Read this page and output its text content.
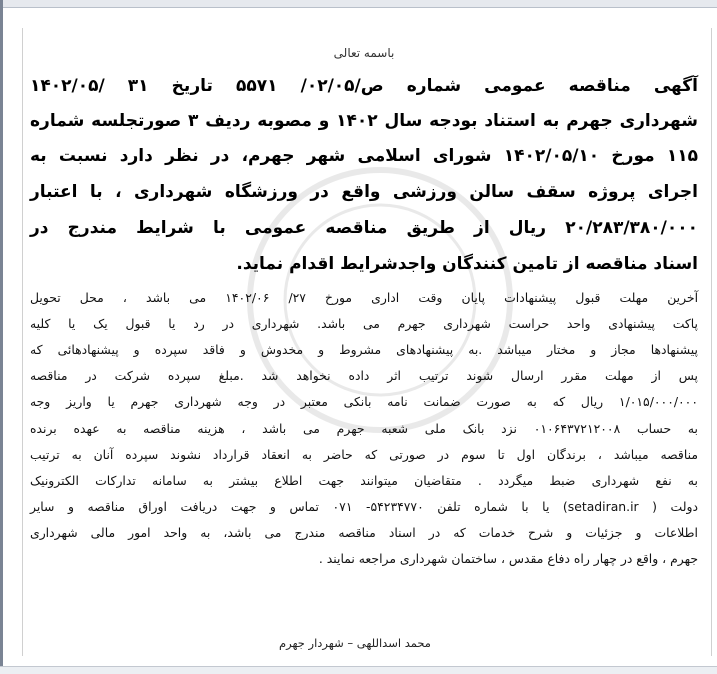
باسمه تعالی
آگهی مناقصه عمومی شماره ص/۰۲/۰۵/ ۵۵۷۱ تاریخ ۳۱ /۱۴۰۲/۰۵
شهرداری جهرم به استناد بودجه سال ۱۴۰۲ و مصوبه ردیف ۳ صورتجلسه شماره
۱۱۵ مورخ ۱۴۰۲/۰۵/۱۰ شورای اسلامی شهر جهرم، در نظر دارد نسبت به
اجرای پروژه سقف سالن ورزشی واقع در ورزشگاه شهرداری ، با اعتبار
۲۰/۲۸۳/۳۸۰/۰۰۰ ریال از طریق مناقصه عمومی با شرایط مندرج در
اسناد مناقصه از تامین کنندگان واجدشرایط اقدام نماید.
آخرین مهلت قبول پیشنهادات پایان وقت اداری مورخ ۲۷/ ۱۴۰۲/۰۶ می باشد ، محل تحویل
پاکت پیشنهادی واحد حراست شهرداری جهرم می باشد. شهرداری در رد یا قبول یک یا کلیه
پیشنهادها مجاز و مختار میباشد .به پیشنهادهای مشروط و مخدوش و فاقد سپرده و پیشنهادهائی که
پس از مهلت مقرر ارسال شوند ترتیب اثر داده نخواهد شد .مبلغ سپرده شرکت در مناقصه
۱/۰۱۵/۰۰۰/۰۰۰ ریال که به صورت ضمانت نامه بانکی معتبر در وجه شهرداری جهرم یا واریز وجه
به حساب ۰۱۰۶۴۳۷۲۱۲۰۰۸ نزد بانک ملی شعبه جهرم می باشد ، هزینه مناقصه به عهده برنده
مناقصه میباشد ، برندگان اول تا سوم در صورتی که حاضر به انعقاد قرارداد نشوند سپرده آنان به ترتیب
به نفع شهرداری ضبط میگردد . متقاضیان میتوانند جهت اطلاع بیشتر به سامانه تدارکات الکترونیک
دولت ( setadiran.ir) یا با شماره تلفن ۵۴۲۳۴۷۷۰- ۰۷۱ تماس و جهت دریافت اوراق مناقصه و سایر
اطلاعات و جزئیات و شرح خدمات که در اسناد مناقصه مندرج می باشد، به واحد امور مالی شهرداری
جهرم ، واقع در چهار راه دفاع مقدس ، ساختمان شهرداری مراجعه نمایند .
محمد اسداللهی – شهردار جهرم
